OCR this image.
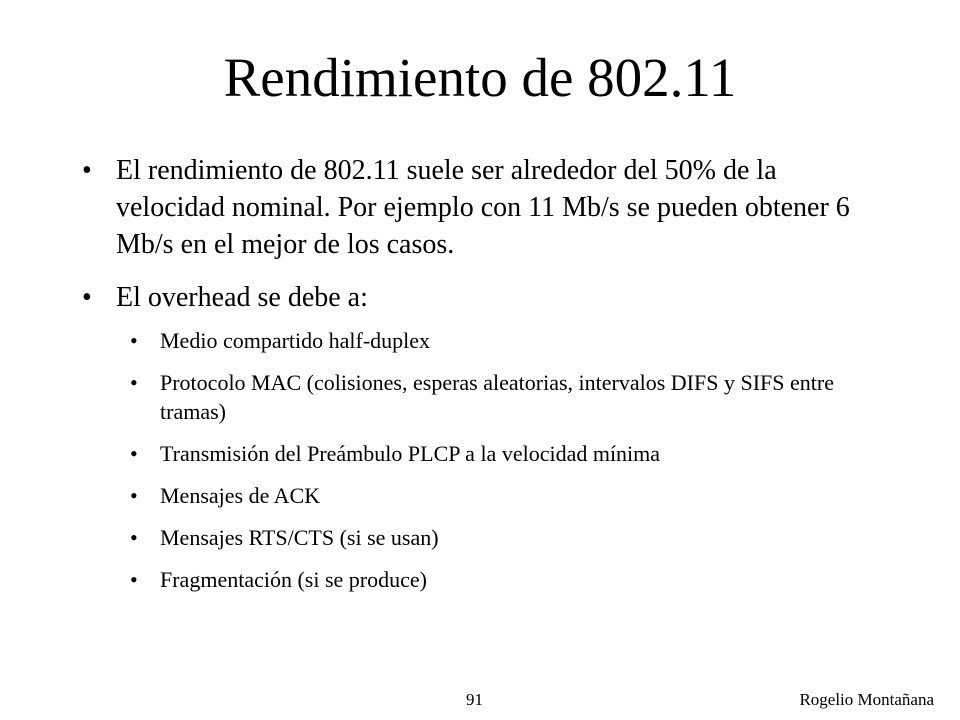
Rendimiento de 802.11
• El rendimiento de 802.11 suele ser alrededor del 50% de la velocidad nominal. Por ejemplo con 11 Mb/s se pueden obtener 6 Mb/s en el mejor de los casos.
• El overhead se debe a:
• Medio compartido half-duplex
• Protocolo MAC (colisiones, esperas aleatorias, intervalos DIFS y SIFS entre tramas)
• Transmisión del Preámbulo PLCP a la velocidad mínima
• Mensajes de ACK
• Mensajes RTS/CTS (si se usan)
• Fragmentación (si se produce)
91	Rogelio Montañana
